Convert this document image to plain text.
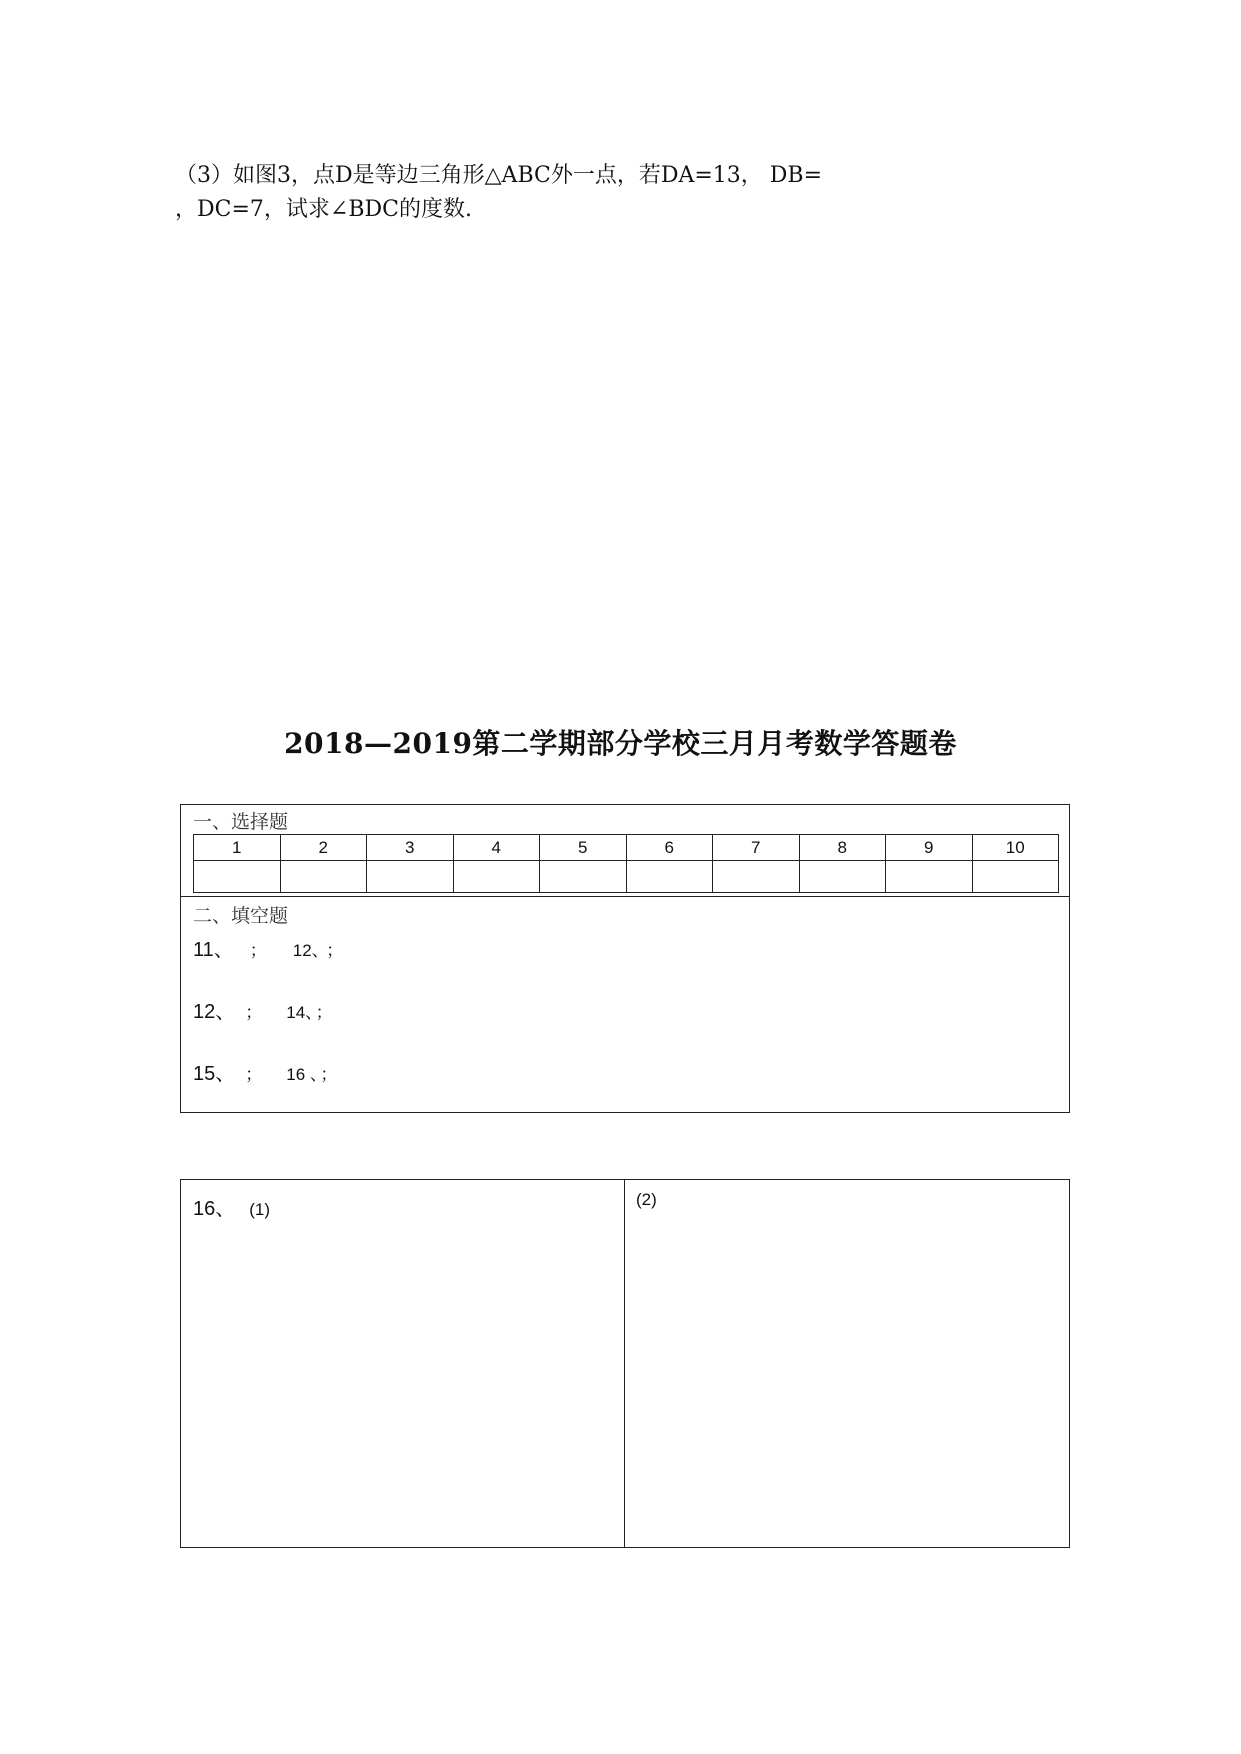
（3）如图3，点D是等边三角形△ABC外一点，若DA=13， DB=
，DC=7，试求∠BDC的度数.
2018—2019第二学期部分学校三月月考数学答题卷
一、选择题
1	2	3	4	5	6	7	8	9	10

二、填空题
11、 ； 12、 ；
12、 ； 14、 ；
15、 ； 16 、 ；
16、 (1)
(2)
